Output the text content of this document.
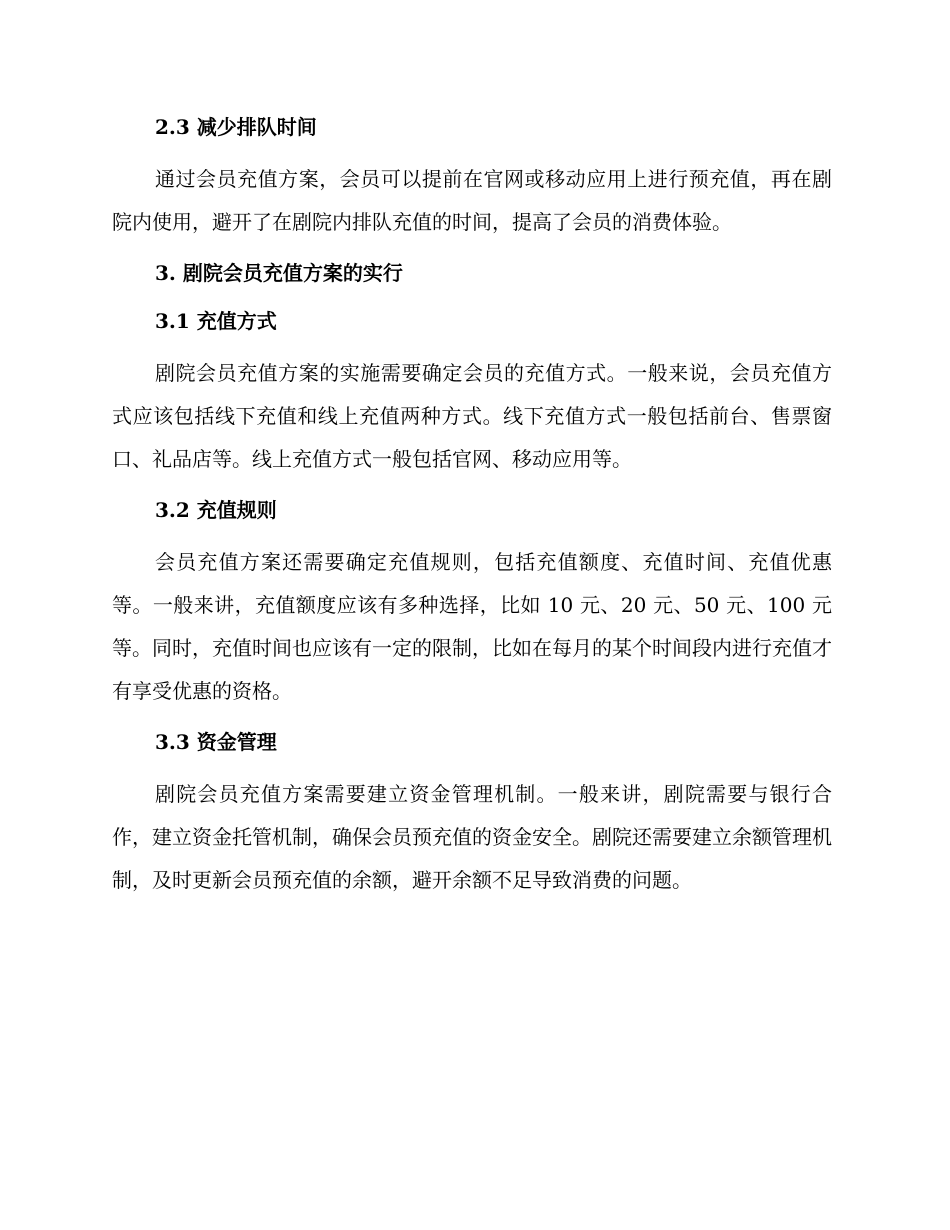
2.3 减少排队时间

通过会员充值方案，会员可以提前在官网或移动应用上进行预充值，再在剧院内使用，避开了在剧院内排队充值的时间，提高了会员的消费体验。

3. 剧院会员充值方案的实行
3.1 充值方式

剧院会员充值方案的实施需要确定会员的充值方式。一般来说，会员充值方式应该包括线下充值和线上充值两种方式。线下充值方式一般包括前台、售票窗口、礼品店等。线上充值方式一般包括官网、移动应用等。

3.2 充值规则

会员充值方案还需要确定充值规则，包括充值额度、充值时间、充值优惠等。一般来讲，充值额度应该有多种选择，比如 10 元、20 元、50 元、100 元等。同时，充值时间也应该有一定的限制，比如在每月的某个时间段内进行充值才有享受优惠的资格。

3.3 资金管理

剧院会员充值方案需要建立资金管理机制。一般来讲，剧院需要与银行合作，建立资金托管机制，确保会员预充值的资金安全。剧院还需要建立余额管理机制，及时更新会员预充值的余额，避开余额不足导致消费的问题。
